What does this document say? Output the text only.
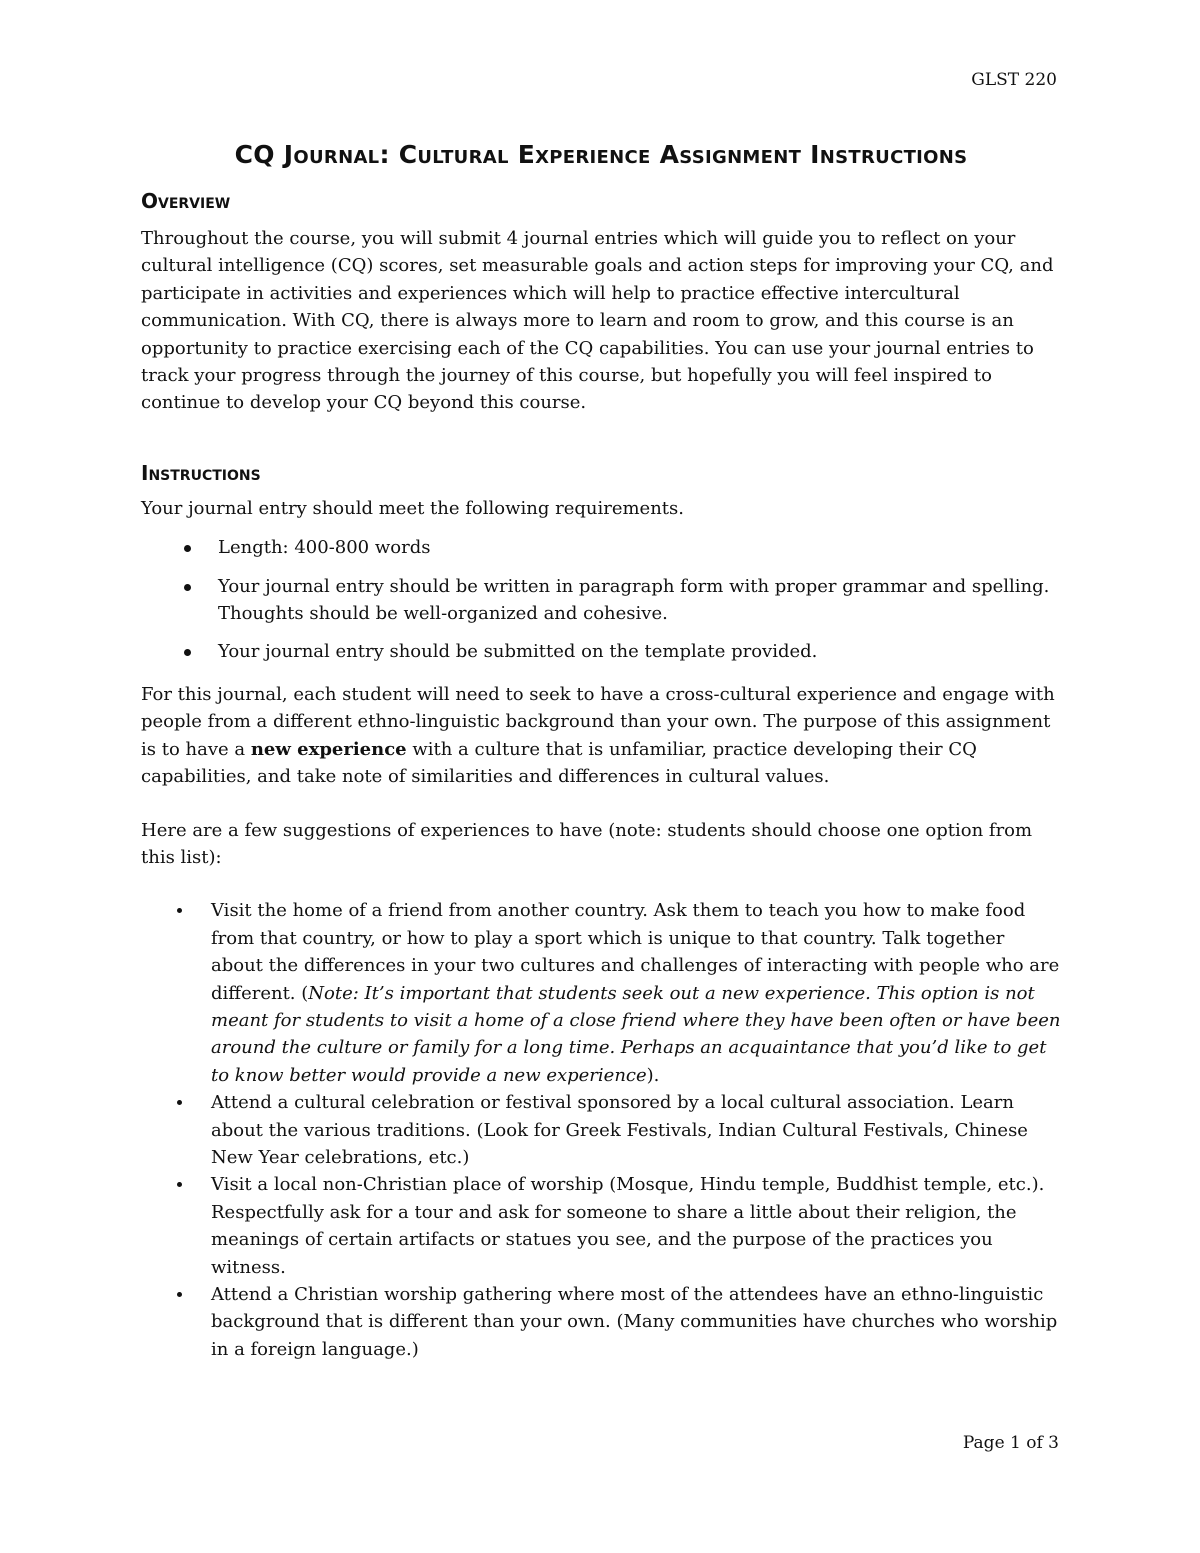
GLST 220
CQ Journal: Cultural Experience Assignment Instructions
Overview

Throughout the course, you will submit 4 journal entries which will guide you to reflect on your cultural intelligence (CQ) scores, set measurable goals and action steps for improving your CQ, and participate in activities and experiences which will help to practice effective intercultural communication. With CQ, there is always more to learn and room to grow, and this course is an opportunity to practice exercising each of the CQ capabilities. You can use your journal entries to track your progress through the journey of this course, but hopefully you will feel inspired to continue to develop your CQ beyond this course.

Instructions

Your journal entry should meet the following requirements.

Length: 400-800 words
Your journal entry should be written in paragraph form with proper grammar and spelling. Thoughts should be well-organized and cohesive.
Your journal entry should be submitted on the template provided.

For this journal, each student will need to seek to have a cross-cultural experience and engage with people from a different ethno-linguistic background than your own. The purpose of this assignment is to have a new experience with a culture that is unfamiliar, practice developing their CQ capabilities, and take note of similarities and differences in cultural values.

Here are a few suggestions of experiences to have (note: students should choose one option from this list):

Visit the home of a friend from another country. Ask them to teach you how to make food from that country, or how to play a sport which is unique to that country. Talk together about the differences in your two cultures and challenges of interacting with people who are different. (Note: It’s important that students seek out a new experience. This option is not meant for students to visit a home of a close friend where they have been often or have been around the culture or family for a long time. Perhaps an acquaintance that you’d like to get to know better would provide a new experience).
Attend a cultural celebration or festival sponsored by a local cultural association. Learn about the various traditions. (Look for Greek Festivals, Indian Cultural Festivals, Chinese New Year celebrations, etc.)
Visit a local non-Christian place of worship (Mosque, Hindu temple, Buddhist temple, etc.). Respectfully ask for a tour and ask for someone to share a little about their religion, the meanings of certain artifacts or statues you see, and the purpose of the practices you witness.
Attend a Christian worship gathering where most of the attendees have an ethno-linguistic background that is different than your own. (Many communities have churches who worship in a foreign language.)
Page 1 of 3
